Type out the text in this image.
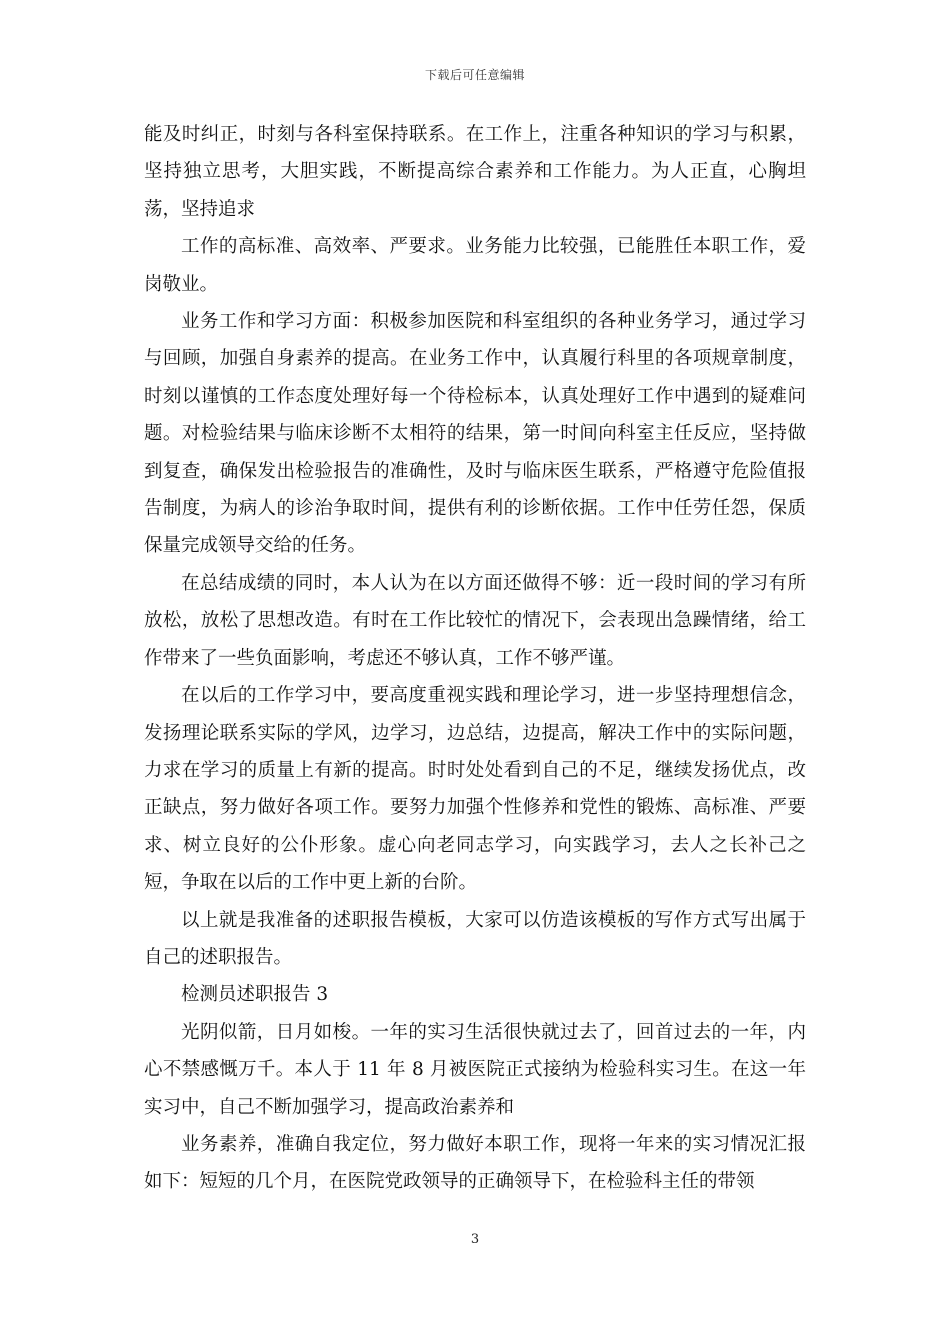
下载后可任意编辑

能及时纠正，时刻与各科室保持联系。在工作上，注重各种知识的学习与积累，坚持独立思考，大胆实践，不断提高综合素养和工作能力。为人正直，心胸坦荡，坚持追求

工作的高标准、高效率、严要求。业务能力比较强，已能胜任本职工作，爱岗敬业。

业务工作和学习方面：积极参加医院和科室组织的各种业务学习，通过学习与回顾，加强自身素养的提高。在业务工作中，认真履行科里的各项规章制度，时刻以谨慎的工作态度处理好每一个待检标本，认真处理好工作中遇到的疑难问题。对检验结果与临床诊断不太相符的结果，第一时间向科室主任反应，坚持做到复查，确保发出检验报告的准确性，及时与临床医生联系，严格遵守危险值报告制度，为病人的诊治争取时间，提供有利的诊断依据。工作中任劳任怨，保质保量完成领导交给的任务。

在总结成绩的同时，本人认为在以方面还做得不够：近一段时间的学习有所放松，放松了思想改造。有时在工作比较忙的情况下，会表现出急躁情绪，给工作带来了一些负面影响，考虑还不够认真，工作不够严谨。

在以后的工作学习中，要高度重视实践和理论学习，进一步坚持理想信念，发扬理论联系实际的学风，边学习，边总结，边提高，解决工作中的实际问题，力求在学习的质量上有新的提高。时时处处看到自己的不足，继续发扬优点，改正缺点，努力做好各项工作。要努力加强个性修养和党性的锻炼、高标准、严要求、树立良好的公仆形象。虚心向老同志学习，向实践学习，去人之长补己之短，争取在以后的工作中更上新的台阶。

以上就是我准备的述职报告模板，大家可以仿造该模板的写作方式写出属于自己的述职报告。

检测员述职报告 3

光阴似箭，日月如梭。一年的实习生活很快就过去了，回首过去的一年，内心不禁感慨万千。本人于 11 年 8 月被医院正式接纳为检验科实习生。在这一年实习中，自己不断加强学习，提高政治素养和

业务素养，准确自我定位，努力做好本职工作，现将一年来的实习情况汇报如下：短短的几个月，在医院党政领导的正确领导下，在检验科主任的带领

3
